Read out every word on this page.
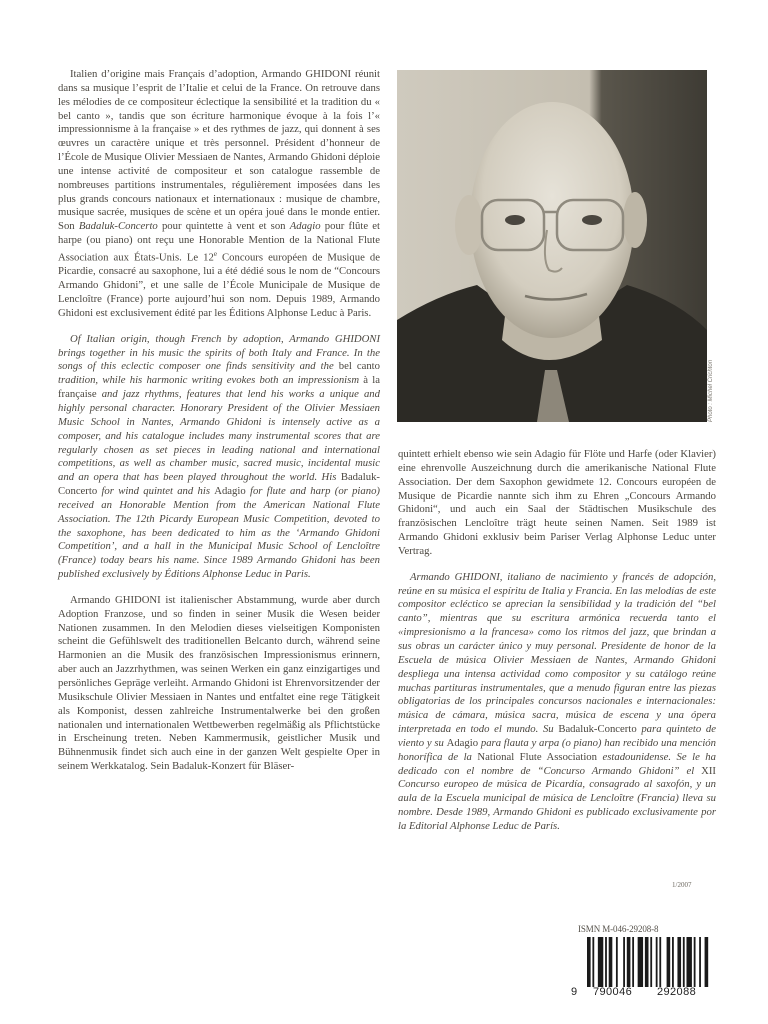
Italien d’origine mais Français d’adoption, Armando GHIDONI réunit dans sa musique l’esprit de l’Italie et celui de la France. On retrouve dans les mélodies de ce compositeur éclectique la sensibilité et la tradition du « bel canto », tandis que son écriture harmonique évoque à la fois l’« impressionnisme à la française » et des rythmes de jazz, qui donnent à ses œuvres un caractère unique et très personnel. Président d’honneur de l’École de Musique Olivier Messiaen de Nantes, Armando Ghidoni déploie une intense activité de compositeur et son catalogue rassemble de nombreuses partitions instrumentales, régulièrement imposées dans les plus grands concours nationaux et internationaux : musique de chambre, musique sacrée, musiques de scène et un opéra joué dans le monde entier. Son Badaluk-Concerto pour quintette à vent et son Adagio pour flûte et harpe (ou piano) ont reçu une Honorable Mention de la National Flute Association aux États-Unis. Le 12e Concours européen de Musique de Picardie, consacré au saxophone, lui a été dédié sous le nom de “Concours Armando Ghidoni”, et une salle de l’École Municipale de Musique de Lencloître (France) porte aujourd’hui son nom. Depuis 1989, Armando Ghidoni est exclusivement édité par les Éditions Alphonse Leduc à Paris.

Of Italian origin, though French by adoption, Armando GHIDONI brings together in his music the spirits of both Italy and France. In the songs of this eclectic composer one finds sensitivity and the bel canto tradition, while his harmonic writing evokes both an impressionism à la française and jazz rhythms, features that lend his works a unique and highly personal character. Honorary President of the Olivier Messiaen Music School in Nantes, Armando Ghidoni is intensely active as a composer, and his catalogue includes many instrumental scores that are regularly chosen as set pieces in leading national and international competitions, as well as chamber music, sacred music, incidental music and an opera that has been played throughout the world. His Badaluk-Concerto for wind quintet and his Adagio for flute and harp (or piano) received an Honorable Mention from the American National Flute Association. The 12th Picardy European Music Competition, devoted to the saxophone, has been dedicated to him as the ‘Armando Ghidoni Competition’, and a hall in the Municipal Music School of Lencloître (France) today bears his name. Since 1989 Armando Ghidoni has been published exclusively by Éditions Alphonse Leduc in Paris.

Armando GHIDONI ist italienischer Abstammung, wurde aber durch Adoption Franzose, und so finden in seiner Musik die Wesen beider Nationen zusammen. In den Melodien dieses vielseitigen Komponisten scheint die Gefühlswelt des traditionellen Belcanto durch, während seine Harmonien an die Musik des französischen Impressionismus erinnern, aber auch an Jazzrhythmen, was seinen Werken ein ganz einzigartiges und persönliches Gepräge verleiht. Armando Ghidoni ist Ehrenvorsitzender der Musikschule Olivier Messiaen in Nantes und entfaltet eine rege Tätigkeit als Komponist, dessen zahlreiche Instrumentalwerke bei den großen nationalen und internationalen Wettbewerben regelmäßig als Pflichtstücke in Erscheinung treten. Neben Kammermusik, geistlicher Musik und Bühnenmusik findet sich auch eine in der ganzen Welt gespielte Oper in seinem Werkkatalog. Sein Badaluk-Konzert für Bläser-

Photo : Michel Crichton

quintett erhielt ebenso wie sein Adagio für Flöte und Harfe (oder Klavier) eine ehrenvolle Auszeichnung durch die amerikanische National Flute Association. Der dem Saxophon gewidmete 12. Concours européen de Musique de Picardie nannte sich ihm zu Ehren „Concours Armando Ghidoni“, und auch ein Saal der Städtischen Musikschule des französischen Lencloître trägt heute seinen Namen. Seit 1989 ist Armando Ghidoni exklusiv beim Pariser Verlag Alphonse Leduc unter Vertrag.

Armando GHIDONI, italiano de nacimiento y francés de adopción, reúne en su música el espíritu de Italia y Francia. En las melodías de este compositor ecléctico se aprecian la sensibilidad y la tradición del “bel canto”, mientras que su escritura armónica recuerda tanto el «impresionismo a la francesa» como los ritmos del jazz, que brindan a sus obras un carácter único y muy personal. Presidente de honor de la Escuela de música Olivier Messiaen de Nantes, Armando Ghidoni despliega una intensa actividad como compositor y su catálogo reúne muchas partituras instrumentales, que a menudo figuran entre las piezas obligatorias de los principales concursos nacionales e internacionales: música de cámara, música sacra, música de escena y una ópera interpretada en todo el mundo. Su Badaluk-Concerto para quinteto de viento y su Adagio para flauta y arpa (o piano) han recibido una mención honorífica de la National Flute Association estadounidense. Se le ha dedicado con el nombre de “Concurso Armando Ghidoni” el XII Concurso europeo de música de Picardía, consagrado al saxofón, y un aula de la Escuela municipal de música de Lencloître (Francia) lleva su nombre. Desde 1989, Armando Ghidoni es publicado exclusivamente por la Editorial Alphonse Leduc de París.

1/2007
ISMN M-046-29208-8
9	790046	292088
